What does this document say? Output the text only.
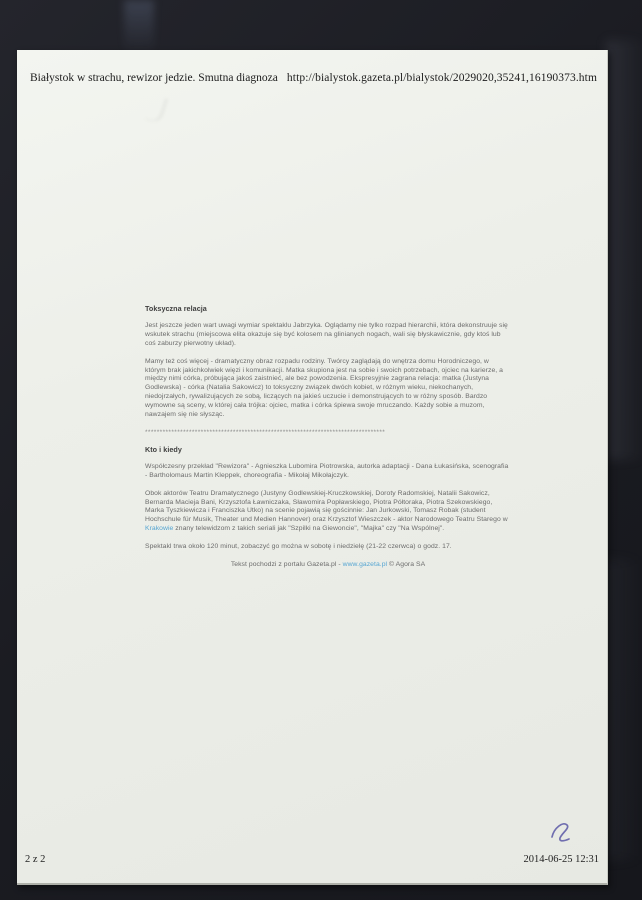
Białystok w strachu, rewizor jedzie. Smutna diagnoza http://bialystok.gazeta.pl/bialystok/2029020,35241,16190373.htm
Toksyczna relacja

Jest jeszcze jeden wart uwagi wymiar spektaklu Jabrzyka. Oglądamy nie tylko rozpad hierarchii, która dekonstruuje się wskutek strachu (miejscowa elita okazuje się być kolosem na glinianych nogach, wali się błyskawicznie, gdy ktoś lub coś zaburzy pierwotny układ).

Mamy też coś więcej - dramatyczny obraz rozpadu rodziny. Twórcy zaglądają do wnętrza domu Horodniczego, w którym brak jakichkolwiek więzi i komunikacji. Matka skupiona jest na sobie i swoich potrzebach, ojciec na karierze, a między nimi córka, próbująca jakoś zaistnieć, ale bez powodzenia. Ekspresyjnie zagrana relacja: matka (Justyna Godlewska) - córka (Natalia Sakowicz) to toksyczny związek dwóch kobiet, w różnym wieku, niekochanych, niedojrzałych, rywalizujących ze sobą, liczących na jakieś uczucie i demonstrujących to w różny sposób. Bardzo wymowne są sceny, w której cała trójka: ojciec, matka i córka śpiewa swoje mruczando. Każdy sobie a muzom, nawzajem się nie słysząc.

**********************************************************************************
Kto i kiedy

Współczesny przekład "Rewizora" - Agnieszka Lubomira Piotrowska, autorka adaptacji - Dana Łukasińska, scenografia - Bartholomaus Martin Kleppek, choreografia - Mikołaj Mikołajczyk.

Obok aktorów Teatru Dramatycznego (Justyny Godlewskiej-Kruczkowskiej, Doroty Radomskiej, Natalii Sakowicz, Bernarda Macieja Bani, Krzysztofa Ławniczaka, Sławomira Popławskiego, Piotra Półtoraka, Piotra Szekowskiego, Marka Tyszkiewicza i Franciszka Utko) na scenie pojawią się gościnnie: Jan Jurkowski, Tomasz Robak (student Hochschule für Musik, Theater und Medien Hannover) oraz Krzysztof Wieszczek - aktor Narodowego Teatru Starego w Krakowie znany telewidzom z takich seriali jak "Szpilki na Giewoncie", "Majka" czy "Na Wspólnej".

Spektakl trwa około 120 minut, zobaczyć go można w sobotę i niedzielę (21-22 czerwca) o godz. 17.

Tekst pochodzi z portalu Gazeta.pl - www.gazeta.pl © Agora SA

2 z 2	2014-06-25 12:31
